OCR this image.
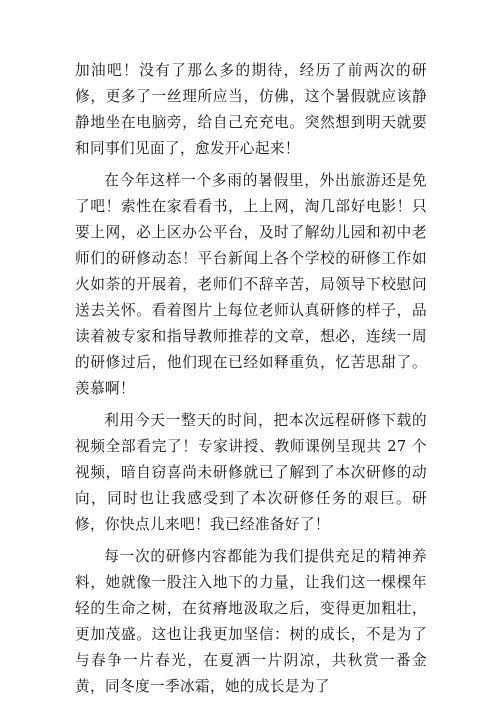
加油吧！没有了那么多的期待，经历了前两次的研修，更多了一丝理所应当，仿佛，这个暑假就应该静静地坐在电脑旁，给自己充充电。突然想到明天就要和同事们见面了，愈发开心起来！

在今年这样一个多雨的暑假里，外出旅游还是免了吧！索性在家看看书，上上网，淘几部好电影！只要上网，必上区办公平台，及时了解幼儿园和初中老师们的研修动态！平台新闻上各个学校的研修工作如火如荼的开展着，老师们不辞辛苦，局领导下校慰问送去关怀。看着图片上每位老师认真研修的样子，品读着被专家和指导教师推荐的文章，想必，连续一周的研修过后，他们现在已经如释重负，忆苦思甜了。羡慕啊！

利用今天一整天的时间，把本次远程研修下载的视频全部看完了！专家讲授、教师课例呈现共 27 个视频，暗自窃喜尚未研修就已了解到了本次研修的动向，同时也让我感受到了本次研修任务的艰巨。研修，你快点儿来吧！我已经准备好了！

每一次的研修内容都能为我们提供充足的精神养料，她就像一股注入地下的力量，让我们这一棵棵年轻的生命之树，在贫瘠地汲取之后，变得更加粗壮，更加茂盛。这也让我更加坚信：树的成长，不是为了与春争一片春光，在夏洒一片阴凉，共秋赏一番金黄，同冬度一季冰霜，她的成长是为了
